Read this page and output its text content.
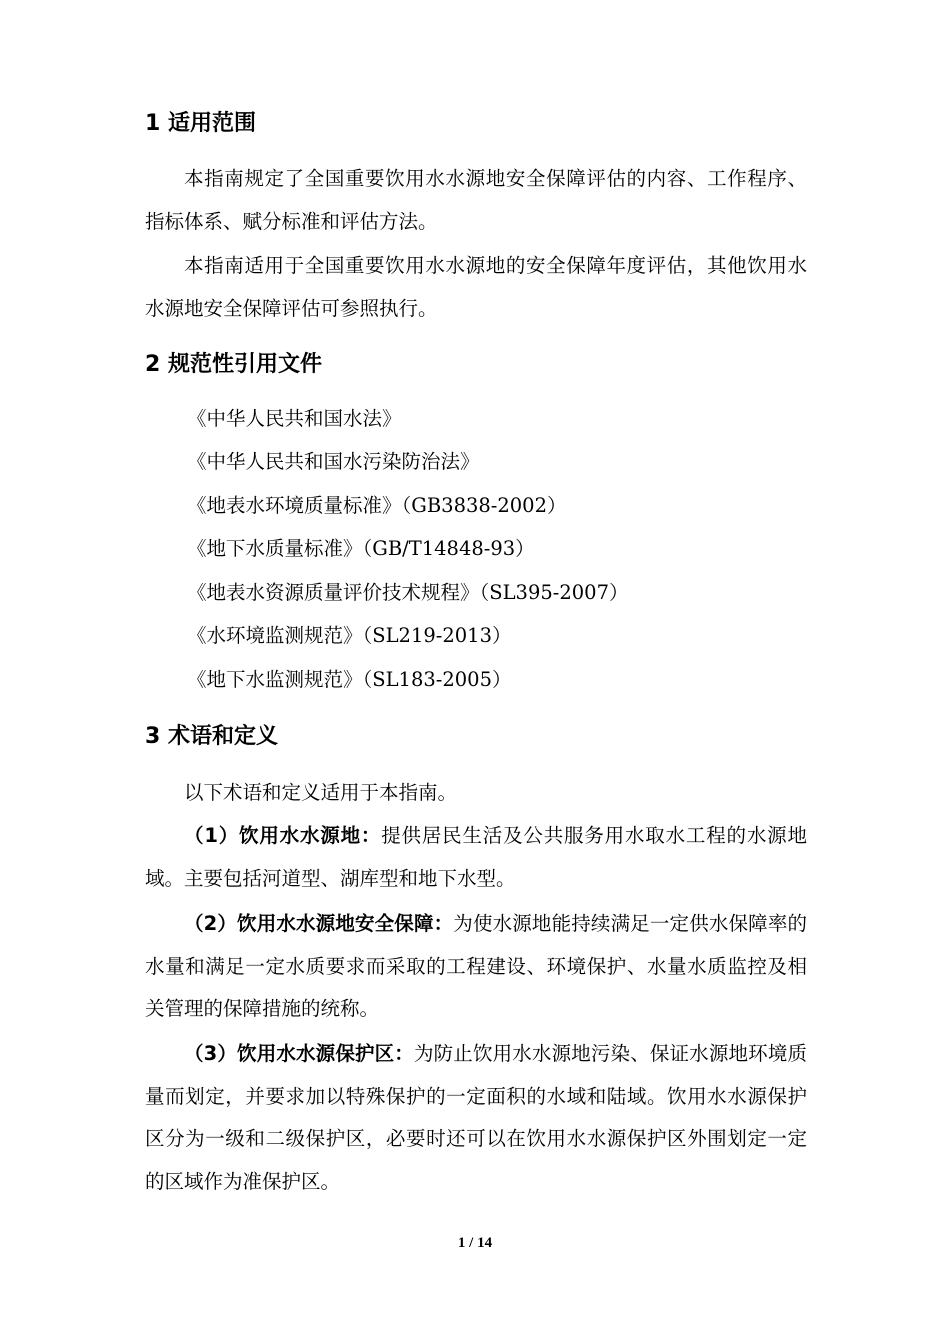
1 适用范围
本指南规定了全国重要饮用水水源地安全保障评估的内容、工作程序、指标体系、赋分标准和评估方法。
本指南适用于全国重要饮用水水源地的安全保障年度评估，其他饮用水水源地安全保障评估可参照执行。
2 规范性引用文件
《中华人民共和国水法》
《中华人民共和国水污染防治法》
《地表水环境质量标准》（GB3838-2002）
《地下水质量标准》（GB/T14848-93）
《地表水资源质量评价技术规程》（SL395-2007）
《水环境监测规范》（SL219-2013）
《地下水监测规范》（SL183-2005）
3 术语和定义
以下术语和定义适用于本指南。
（1）饮用水水源地：提供居民生活及公共服务用水取水工程的水源地域。主要包括河道型、湖库型和地下水型。
（2）饮用水水源地安全保障：为使水源地能持续满足一定供水保障率的水量和满足一定水质要求而采取的工程建设、环境保护、水量水质监控及相关管理的保障措施的统称。
（3）饮用水水源保护区：为防止饮用水水源地污染、保证水源地环境质量而划定，并要求加以特殊保护的一定面积的水域和陆域。饮用水水源保护区分为一级和二级保护区，必要时还可以在饮用水水源保护区外围划定一定的区域作为准保护区。
1 / 14
